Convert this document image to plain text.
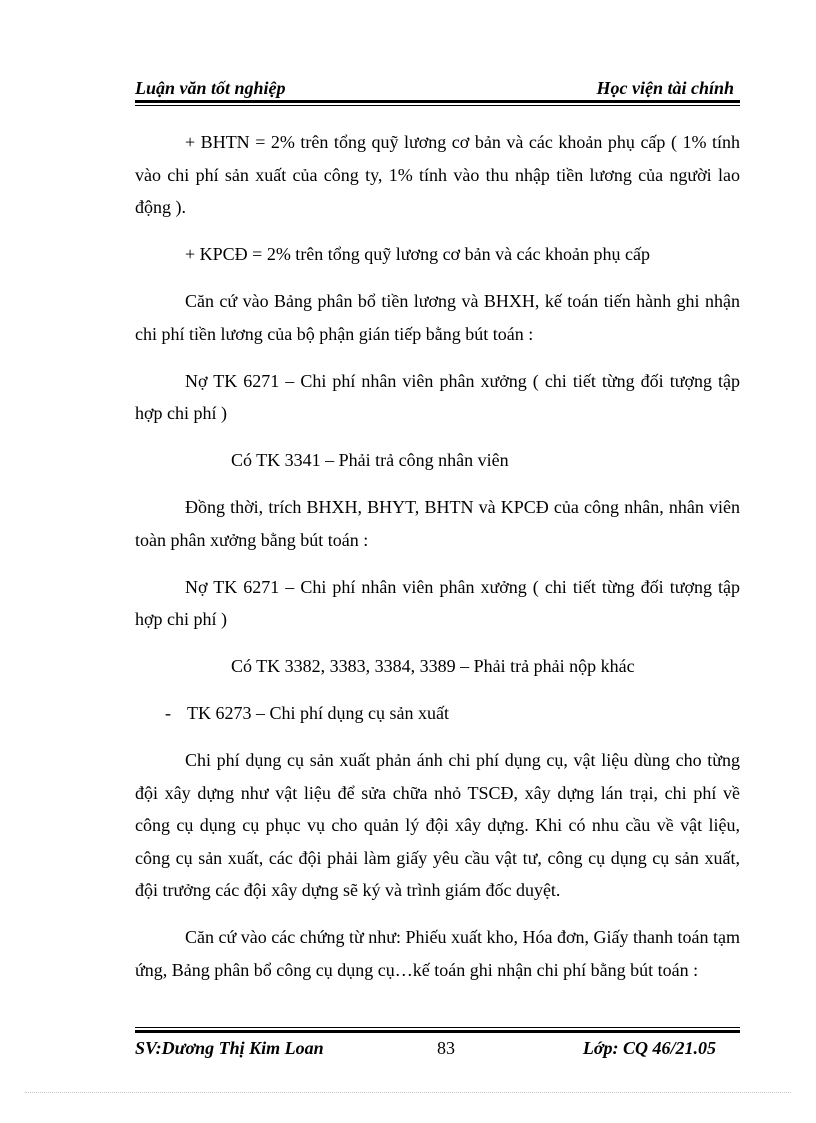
Luận văn tốt nghiệp	Học viện tài chính

+ BHTN = 2% trên tổng quỹ lương cơ bản và các khoản phụ cấp ( 1% tính vào chi phí sản xuất của công ty, 1% tính vào thu nhập tiền lương của người lao động ).

+ KPCĐ = 2% trên tổng quỹ lương cơ bản và các khoản phụ cấp

Căn cứ vào Bảng phân bổ tiền lương và BHXH, kế toán tiến hành ghi nhận chi phí tiền lương của bộ phận gián tiếp bằng bút toán :

Nợ TK 6271 – Chi phí nhân viên phân xưởng ( chi tiết từng đối tượng tập hợp chi phí )

Có TK 3341 – Phải trả công nhân viên

Đồng thời, trích BHXH, BHYT, BHTN và KPCĐ của công nhân, nhân viên toàn phân xưởng bằng bút toán :

Nợ TK 6271 – Chi phí nhân viên phân xưởng ( chi tiết từng đối tượng tập hợp chi phí )

Có TK 3382, 3383, 3384, 3389 – Phải trả phải nộp khác

- TK 6273 – Chi phí dụng cụ sản xuất

Chi phí dụng cụ sản xuất phản ánh chi phí dụng cụ, vật liệu dùng cho từng đội xây dựng như vật liệu để sửa chữa nhỏ TSCĐ, xây dựng lán trại, chi phí về công cụ dụng cụ phục vụ cho quản lý đội xây dựng. Khi có nhu cầu về vật liệu, công cụ sản xuất, các đội phải làm giấy yêu cầu vật tư, công cụ dụng cụ sản xuất, đội trưởng các đội xây dựng sẽ ký và trình giám đốc duyệt.

Căn cứ vào các chứng từ như: Phiếu xuất kho, Hóa đơn, Giấy thanh toán tạm ứng, Bảng phân bổ công cụ dụng cụ…kế toán ghi nhận chi phí bằng bút toán :

SV:Dương Thị Kim Loan	83	Lớp: CQ 46/21.05
